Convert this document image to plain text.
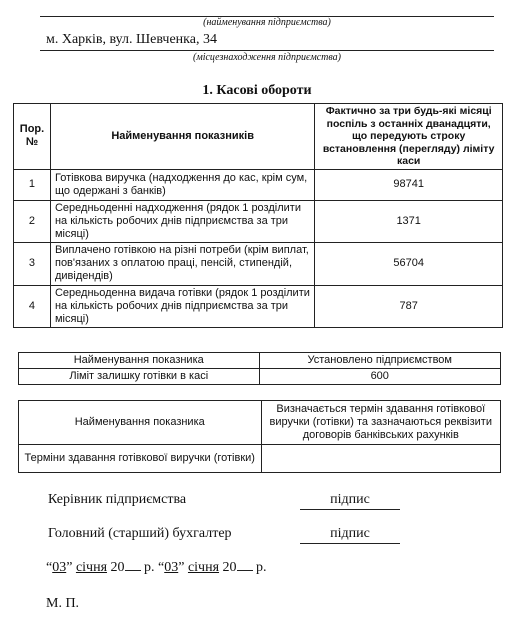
(найменування підприємства)
м. Харків, вул. Шевченка, 34
(місцезнаходження підприємства)
1. Касові обороти
Пор. №	Найменування показників	Фактично за три будь-які місяці поспіль з останніх дванадцяти, що передують строку встановлення (перегляду) ліміту каси
1	Готівкова виручка (надходження до кас, крім сум, що одержані з банків)	98741
2	Середньоденні надходження (рядок 1 розділити на кількість робочих днів підприємства за три місяці)	1371
3	Виплачено готівкою на різні потреби (крім виплат, пов'язаних з оплатою праці, пенсій, стипендій, дивідендів)	56704
4	Середньоденна видача готівки (рядок 1 розділити на кількість робочих днів підприємства за три місяці)	787
Найменування показника	Установлено підприємством
Ліміт залишку готівки в касі	600
Найменування показника	Визначається термін здавання готівкової виручки (готівки) та зазначаються реквізити договорів банківських рахунків
Терміни здавання готівкової виручки (готівки)	
Керівник підприємства	підпис
Головний (старший) бухгалтер	підпис
“03” січня 20 р. “03” січня 20 р.
М. П.
